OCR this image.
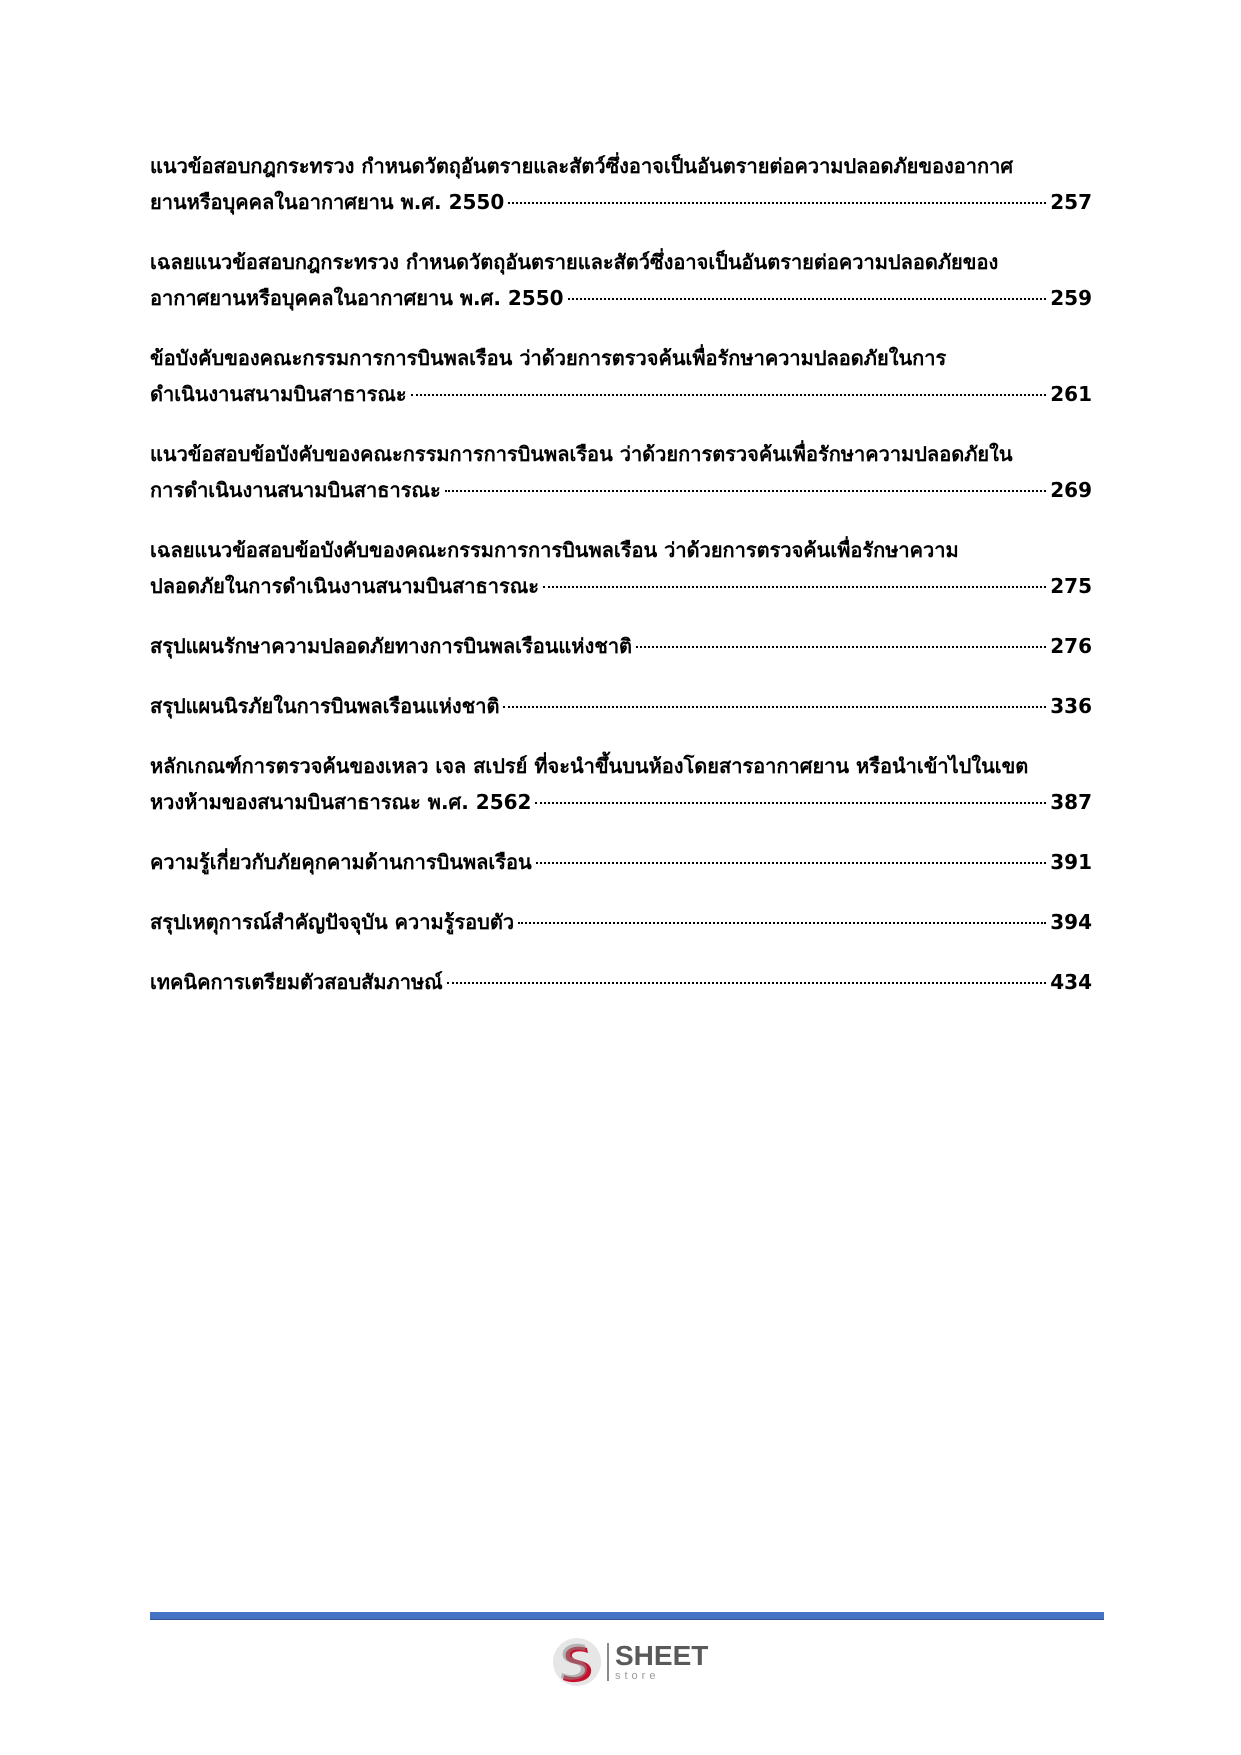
แนวข้อสอบกฎกระทรวง กำหนดวัตถุอันตรายและสัตว์ซึ่งอาจเป็นอันตรายต่อความปลอดภัยของอากาศ
ยานหรือบุคคลในอากาศยาน พ.ศ. 2550	257
เฉลยแนวข้อสอบกฎกระทรวง กำหนดวัตถุอันตรายและสัตว์ซึ่งอาจเป็นอันตรายต่อความปลอดภัยของ
อากาศยานหรือบุคคลในอากาศยาน พ.ศ. 2550	259
ข้อบังคับของคณะกรรมการการบินพลเรือน ว่าด้วยการตรวจค้นเพื่อรักษาความปลอดภัยในการ
ดำเนินงานสนามบินสาธารณะ	261
แนวข้อสอบข้อบังคับของคณะกรรมการการบินพลเรือน ว่าด้วยการตรวจค้นเพื่อรักษาความปลอดภัยใน
การดำเนินงานสนามบินสาธารณะ	269
เฉลยแนวข้อสอบข้อบังคับของคณะกรรมการการบินพลเรือน ว่าด้วยการตรวจค้นเพื่อรักษาความ
ปลอดภัยในการดำเนินงานสนามบินสาธารณะ	275
สรุปแผนรักษาความปลอดภัยทางการบินพลเรือนแห่งชาติ	276
สรุปแผนนิรภัยในการบินพลเรือนแห่งชาติ	336
หลักเกณฑ์การตรวจค้นของเหลว เจล สเปรย์ ที่จะนำขึ้นบนห้องโดยสารอากาศยาน หรือนำเข้าไปในเขต
หวงห้ามของสนามบินสาธารณะ พ.ศ. 2562	387
ความรู้เกี่ยวกับภัยคุกคามด้านการบินพลเรือน	391
สรุปเหตุการณ์สำคัญปัจจุบัน ความรู้รอบตัว	394
เทคนิคการเตรียมตัวสอบสัมภาษณ์	434
SHEET
store
